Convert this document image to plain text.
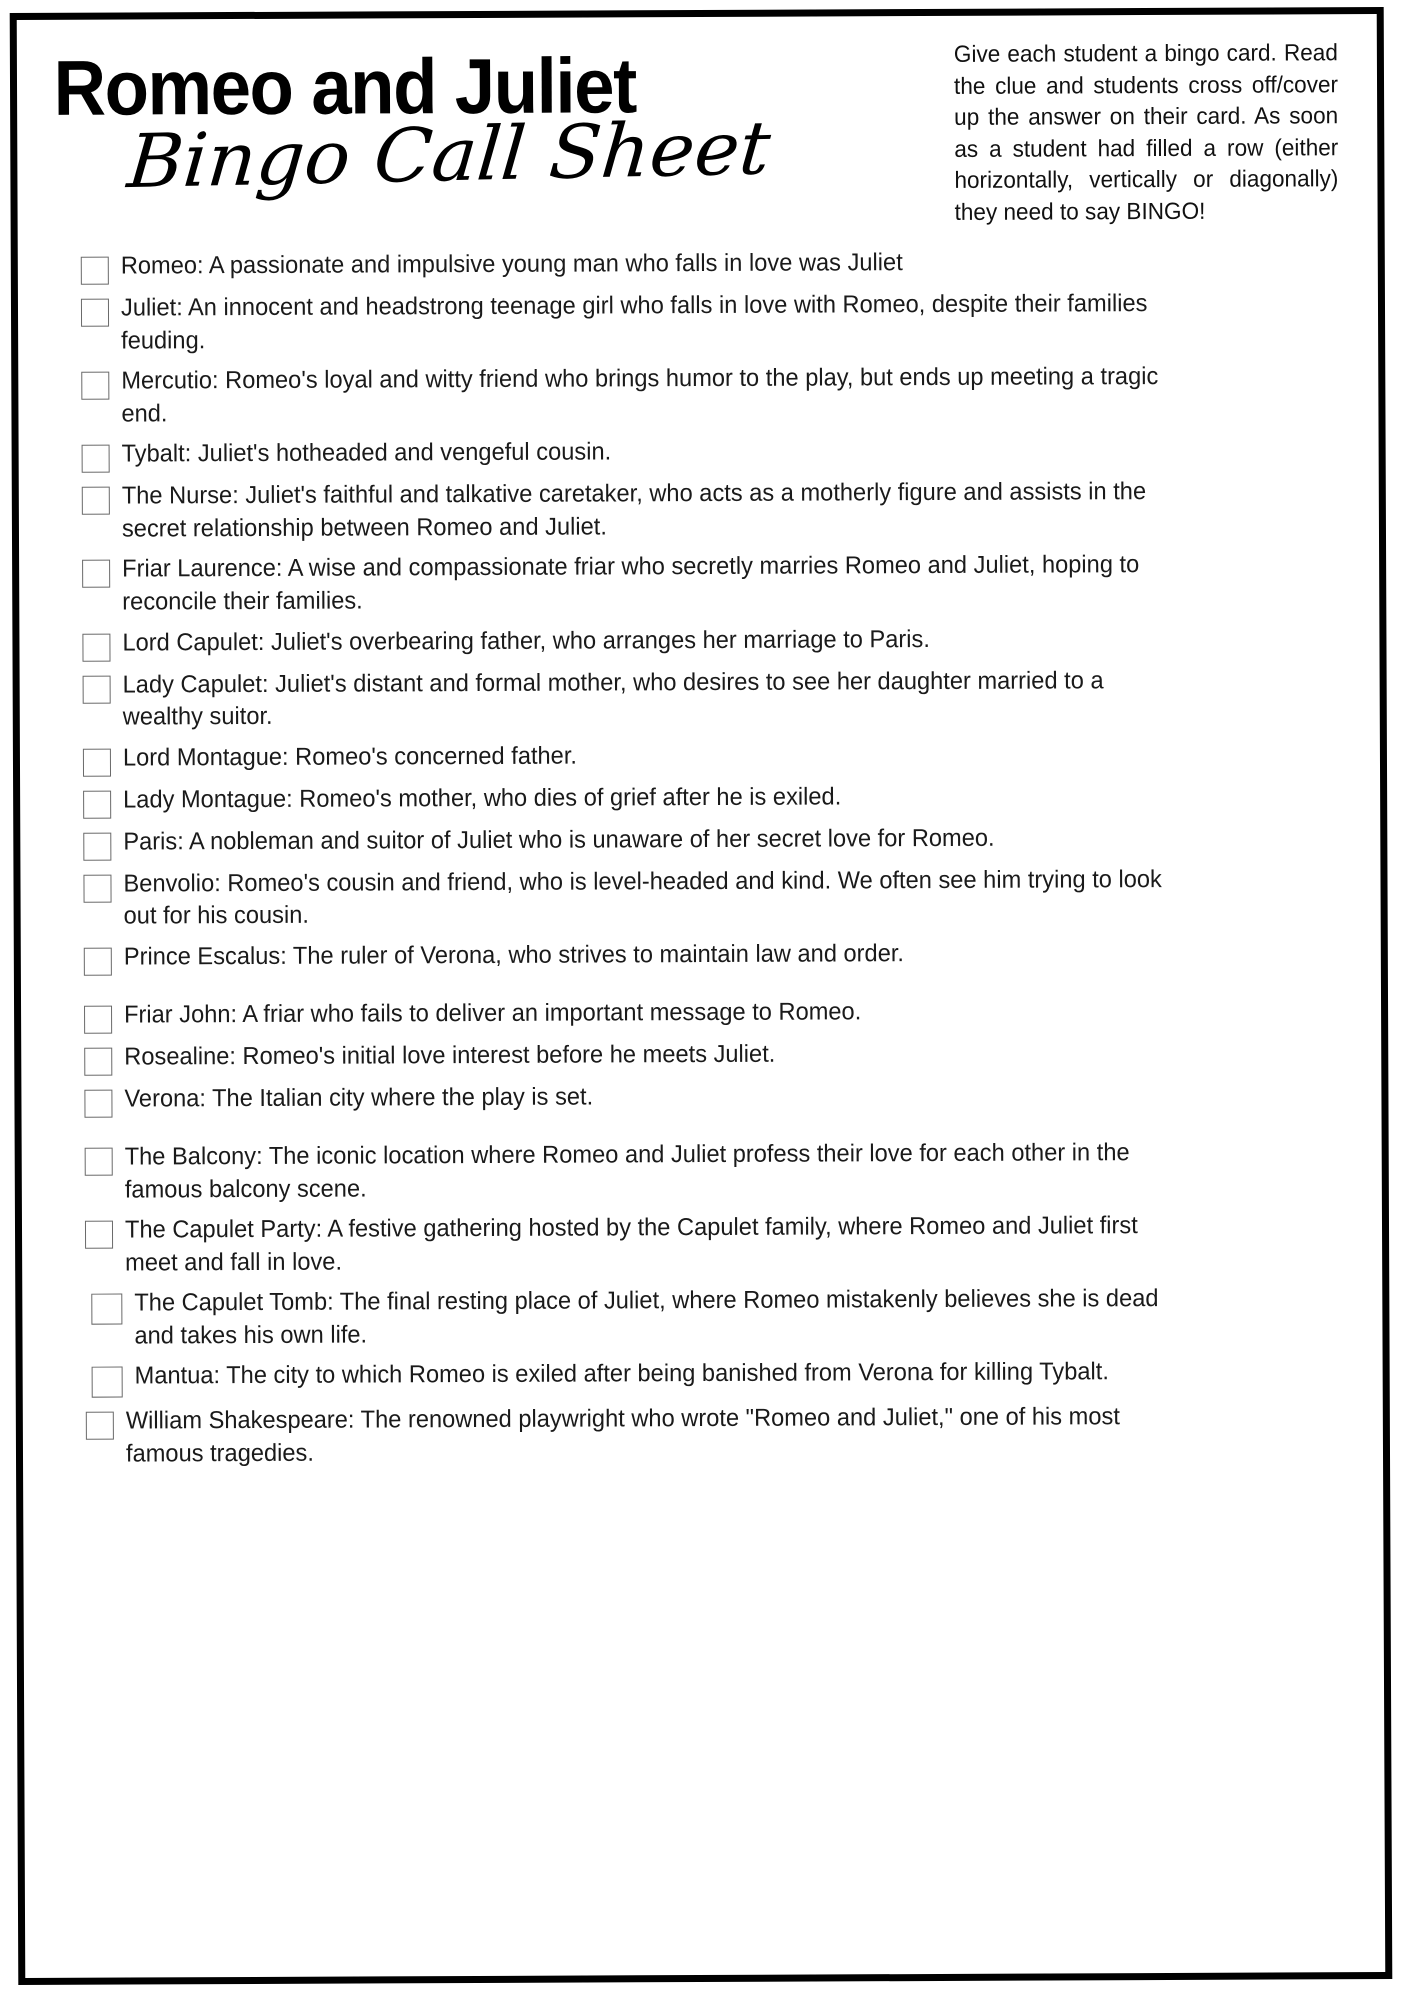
Romeo and Juliet
Bingo Call Sheet
Give each student a bingo card. Read the clue and students cross off/cover up the answer on their card. As soon as a student had filled a row (either horizontally, vertically or diagonally) they need to say BINGO!
Romeo: A passionate and impulsive young man who falls in love was Juliet
Juliet: An innocent and headstrong teenage girl who falls in love with Romeo, despite their families feuding.
Mercutio: Romeo's loyal and witty friend who brings humor to the play, but ends up meeting a tragic end.
Tybalt: Juliet's hotheaded and vengeful cousin.
The Nurse: Juliet's faithful and talkative caretaker, who acts as a motherly figure and assists in the secret relationship between Romeo and Juliet.
Friar Laurence: A wise and compassionate friar who secretly marries Romeo and Juliet, hoping to reconcile their families.
Lord Capulet: Juliet's overbearing father, who arranges her marriage to Paris.
Lady Capulet: Juliet's distant and formal mother, who desires to see her daughter married to a wealthy suitor.
Lord Montague: Romeo's concerned father.
Lady Montague: Romeo's mother, who dies of grief after he is exiled.
Paris: A nobleman and suitor of Juliet who is unaware of her secret love for Romeo.
Benvolio: Romeo's cousin and friend, who is level-headed and kind. We often see him trying to look out for his cousin.
Prince Escalus: The ruler of Verona, who strives to maintain law and order.
Friar John: A friar who fails to deliver an important message to Romeo.
Rosealine: Romeo's initial love interest before he meets Juliet.
Verona: The Italian city where the play is set.
The Balcony: The iconic location where Romeo and Juliet profess their love for each other in the famous balcony scene.
The Capulet Party: A festive gathering hosted by the Capulet family, where Romeo and Juliet first meet and fall in love.
The Capulet Tomb: The final resting place of Juliet, where Romeo mistakenly believes she is dead and takes his own life.
Mantua: The city to which Romeo is exiled after being banished from Verona for killing Tybalt.
William Shakespeare: The renowned playwright who wrote "Romeo and Juliet," one of his most famous tragedies.
